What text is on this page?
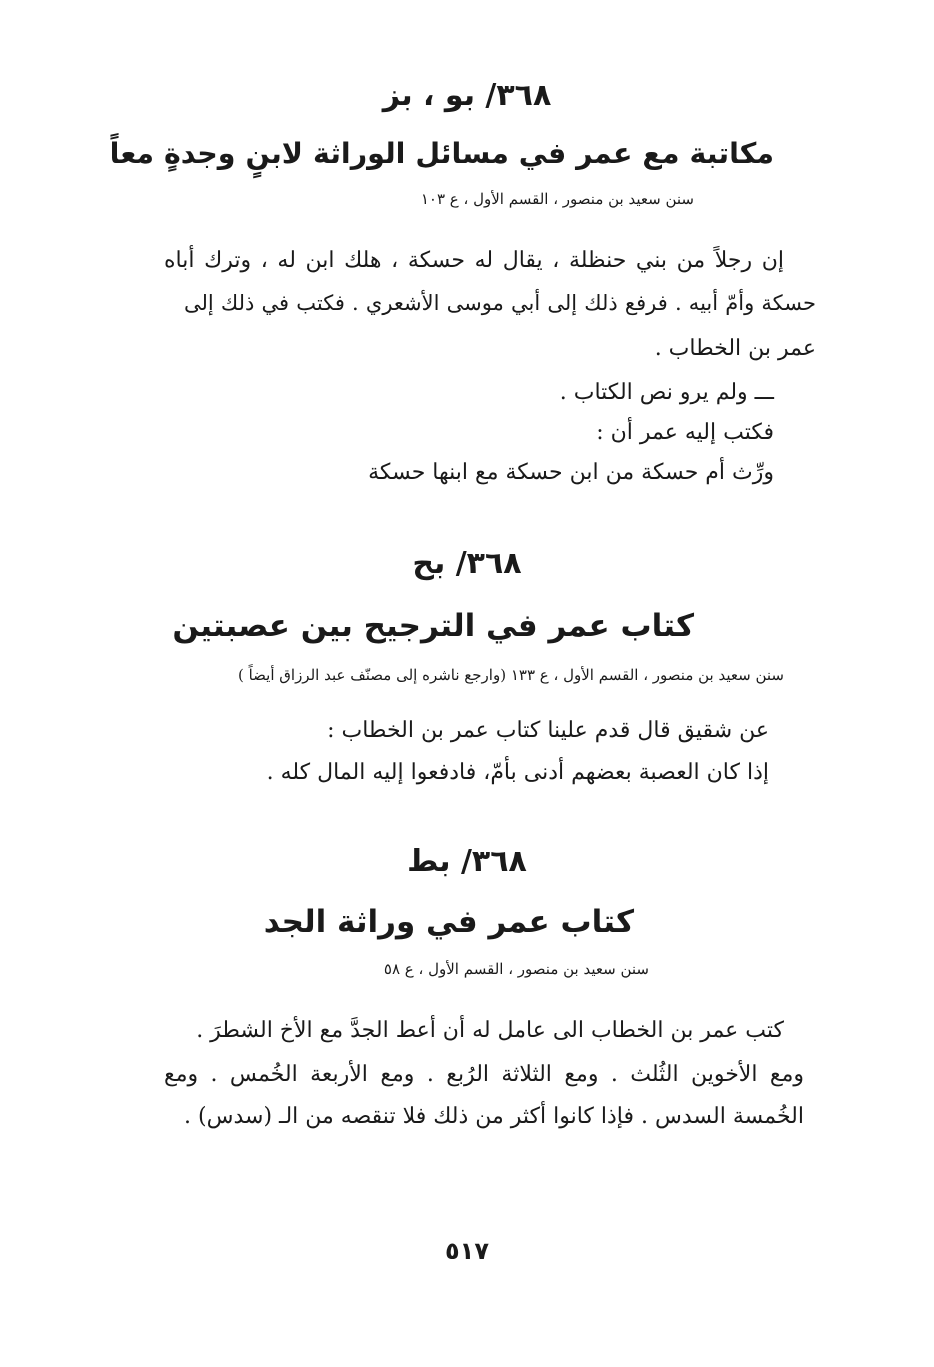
٣٦٨/ بو ، بز
مكاتبة مع عمر في مسائل الوراثة لابنٍ وجدةٍ معاً
سنن سعيد بن منصور ، القسم الأول ، ع ١٠٣
إن رجلاً من بني حنظلة ، يقال له حسكة ، هلك ابن له ، وترك أباه
حسكة وأمّ أبيه . فرفع ذلك إلى أبي موسى الأشعري . فكتب في ذلك إلى
عمر بن الخطاب .
ـــ ولم يرو نص الكتاب .
فكتب إليه عمر أن :
ورِّث أم حسكة من ابن حسكة مع ابنها حسكة
٣٦٨/ بح
كتاب عمر في الترجيح بين عصبتين
سنن سعيد بن منصور ، القسم الأول ، ع ١٣٣ (وارجع ناشره إلى مصنّف عبد الرزاق أيضاً )
عن شقيق قال قدم علينا كتاب عمر بن الخطاب :
إذا كان العصبة بعضهم أدنى بأمّ، فادفعوا إليه المال كله .
٣٦٨/ بط
كتاب عمر في وراثة الجد
سنن سعيد بن منصور ، القسم الأول ، ع ٥٨
كتب عمر بن الخطاب الى عامل له أن أعط الجدَّ مع الأخ الشطرَ .
ومع الأخوين الثُلث . ومع الثلاثة الرُبع . ومع الأربعة الخُمس . ومع
الخُمسة السدس . فإذا كانوا أكثر من ذلك فلا تنقصه من الـ (سدس) .
٥١٧
